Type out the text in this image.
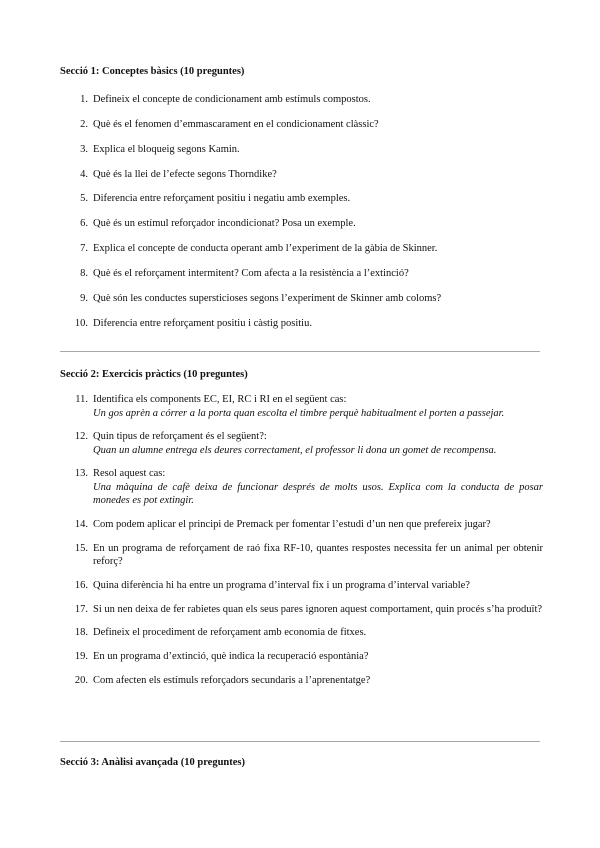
Secció 1: Conceptes bàsics (10 preguntes)
1. Defineix el concepte de condicionament amb estímuls compostos.
2. Què és el fenomen d’emmascarament en el condicionament clàssic?
3. Explica el bloqueig segons Kamin.
4. Què és la llei de l’efecte segons Thorndike?
5. Diferencia entre reforçament positiu i negatiu amb exemples.
6. Què és un estímul reforçador incondicionat? Posa un exemple.
7. Explica el concepte de conducta operant amb l’experiment de la gàbia de Skinner.
8. Què és el reforçament intermitent? Com afecta a la resistència a l’extinció?
9. Què són les conductes supersticioses segons l’experiment de Skinner amb coloms?
10. Diferencia entre reforçament positiu i càstig positiu.
Secció 2: Exercicis pràctics (10 preguntes)
11. Identifica els components EC, EI, RC i RI en el següent cas:
Un gos aprèn a córrer a la porta quan escolta el timbre perquè habitualment el porten a passejar.
12. Quin tipus de reforçament és el següent?:
Quan un alumne entrega els deures correctament, el professor li dona un gomet de recompensa.
13. Resol aquest cas:
Una màquina de cafè deixa de funcionar després de molts usos. Explica com la conducta de posar monedes es pot extingir.
14. Com podem aplicar el principi de Premack per fomentar l’estudi d’un nen que prefereix jugar?
15. En un programa de reforçament de raó fixa RF-10, quantes respostes necessita fer un animal per obtenir reforç?
16. Quina diferència hi ha entre un programa d’interval fix i un programa d’interval variable?
17. Si un nen deixa de fer rabietes quan els seus pares ignoren aquest comportament, quin procés s’ha produït?
18. Defineix el procediment de reforçament amb economia de fitxes.
19. En un programa d’extinció, què indica la recuperació espontània?
20. Com afecten els estímuls reforçadors secundaris a l’aprenentatge?
Secció 3: Anàlisi avançada (10 preguntes)
